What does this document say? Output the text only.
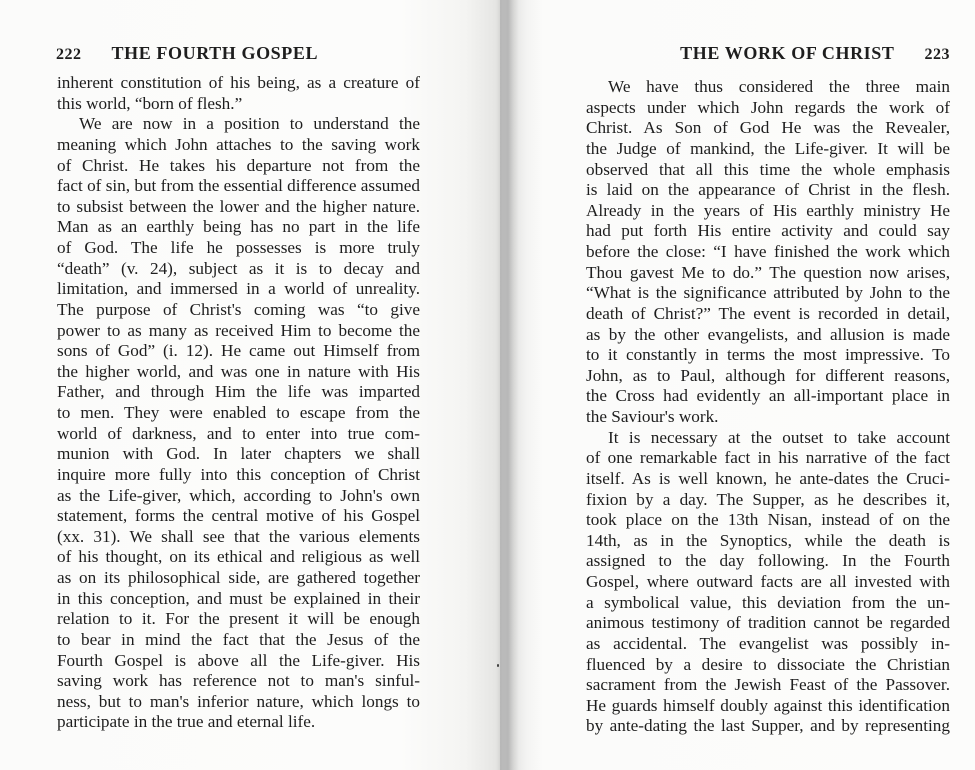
222 THE FOURTH GOSPEL
inherent constitution of his being, as a creature of
this world, “born of flesh.”
We are now in a position to understand the
meaning which John attaches to the saving work
of Christ. He takes his departure not from the
fact of sin, but from the essential difference assumed
to subsist between the lower and the higher nature.
Man as an earthly being has no part in the life
of God. The life he possesses is more truly
“death” (v. 24), subject as it is to decay and
limitation, and immersed in a world of unreality.
The purpose of Christ's coming was “to give
power to as many as received Him to become the
sons of God” (i. 12). He came out Himself from
the higher world, and was one in nature with His
Father, and through Him the life was imparted
to men. They were enabled to escape from the
world of darkness, and to enter into true com-
munion with God. In later chapters we shall
inquire more fully into this conception of Christ
as the Life-giver, which, according to John's own
statement, forms the central motive of his Gospel
(xx. 31). We shall see that the various elements
of his thought, on its ethical and religious as well
as on its philosophical side, are gathered together
in this conception, and must be explained in their
relation to it. For the present it will be enough
to bear in mind the fact that the Jesus of the
Fourth Gospel is above all the Life-giver. His
saving work has reference not to man's sinful-
ness, but to man's inferior nature, which longs to
participate in the true and eternal life.
THE WORK OF CHRIST 223
We have thus considered the three main
aspects under which John regards the work of
Christ. As Son of God He was the Revealer,
the Judge of mankind, the Life-giver. It will be
observed that all this time the whole emphasis
is laid on the appearance of Christ in the flesh.
Already in the years of His earthly ministry He
had put forth His entire activity and could say
before the close: “I have finished the work which
Thou gavest Me to do.” The question now arises,
“What is the significance attributed by John to the
death of Christ?” The event is recorded in detail,
as by the other evangelists, and allusion is made
to it constantly in terms the most impressive. To
John, as to Paul, although for different reasons,
the Cross had evidently an all-important place in
the Saviour's work.
It is necessary at the outset to take account
of one remarkable fact in his narrative of the fact
itself. As is well known, he ante-dates the Cruci-
fixion by a day. The Supper, as he describes it,
took place on the 13th Nisan, instead of on the
14th, as in the Synoptics, while the death is
assigned to the day following. In the Fourth
Gospel, where outward facts are all invested with
a symbolical value, this deviation from the un-
animous testimony of tradition cannot be regarded
as accidental. The evangelist was possibly in-
fluenced by a desire to dissociate the Christian
sacrament from the Jewish Feast of the Passover.
He guards himself doubly against this identification
by ante-dating the last Supper, and by representing
